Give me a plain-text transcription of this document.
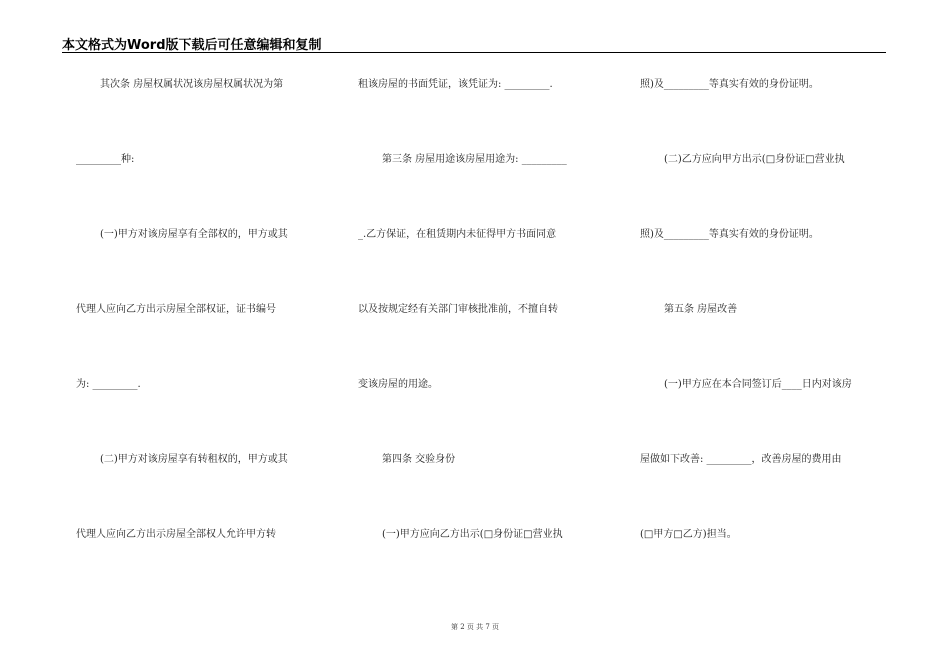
本文格式为Word版下载后可任意编辑和复制
其次条 房屋权属状况该房屋权属状况为第
_________种:
(一)甲方对该房屋享有全部权的，甲方或其
代理人应向乙方出示房屋全部权证，证书编号
为: _________.
(二)甲方对该房屋享有转租权的，甲方或其
代理人应向乙方出示房屋全部权人允许甲方转
租该房屋的书面凭证，该凭证为: _________.
第三条 房屋用途该房屋用途为: _________
_.乙方保证，在租赁期内未征得甲方书面同意
以及按规定经有关部门审核批准前，不擅自转
变该房屋的用途。
第四条 交验身份
(一)甲方应向乙方出示(□身份证□营业执
照)及_________等真实有效的身份证明。
(二)乙方应向甲方出示(□身份证□营业执
照)及_________等真实有效的身份证明。
第五条 房屋改善
(一)甲方应在本合同签订后____日内对该房
屋做如下改善: _________，改善房屋的费用由
(□甲方□乙方)担当。
第 2 页 共 7 页
